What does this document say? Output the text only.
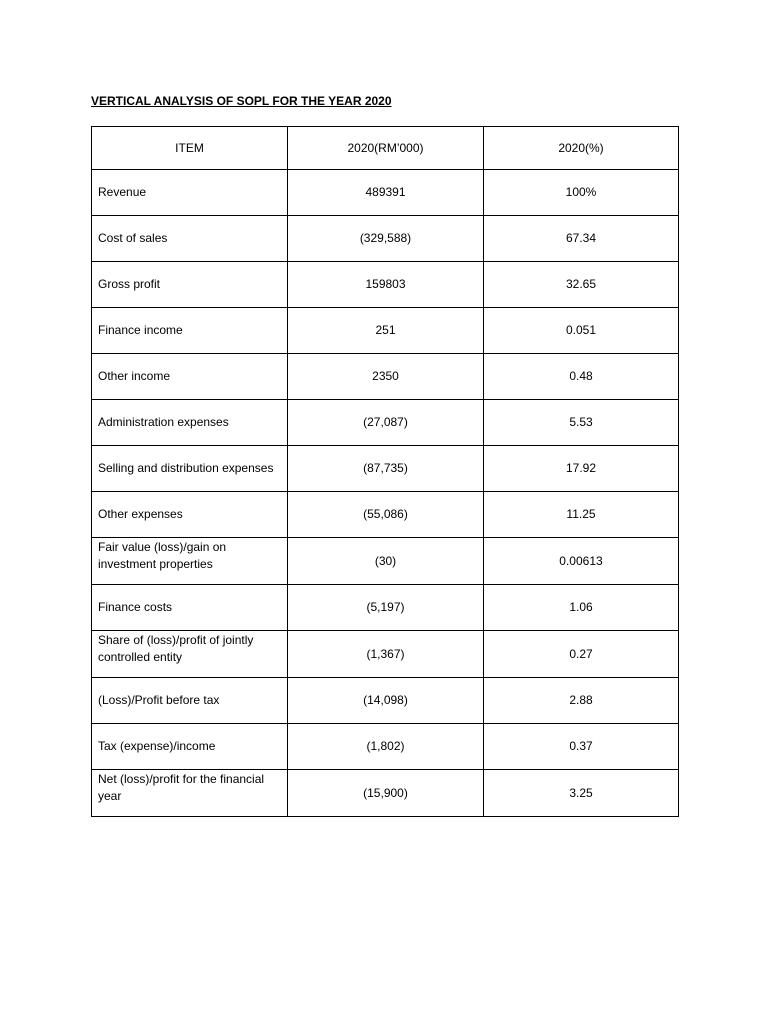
VERTICAL ANALYSIS OF SOPL FOR THE YEAR 2020
ITEM	2020(RM’000)	2020(%)
Revenue	489391	100%
Cost of sales	(329,588)	67.34
Gross profit	159803	32.65
Finance income	251	0.051
Other income	2350	0.48
Administration expenses	(27,087)	5.53
Selling and distribution expenses	(87,735)	17.92
Other expenses	(55,086)	11.25
Fair value (loss)/gain on investment properties	(30)	0.00613
Finance costs	(5,197)	1.06
Share of (loss)/profit of jointly controlled entity	(1,367)	0.27
(Loss)/Profit before tax	(14,098)	2.88
Tax (expense)/income	(1,802)	0.37
Net (loss)/profit for the financial year	(15,900)	3.25
